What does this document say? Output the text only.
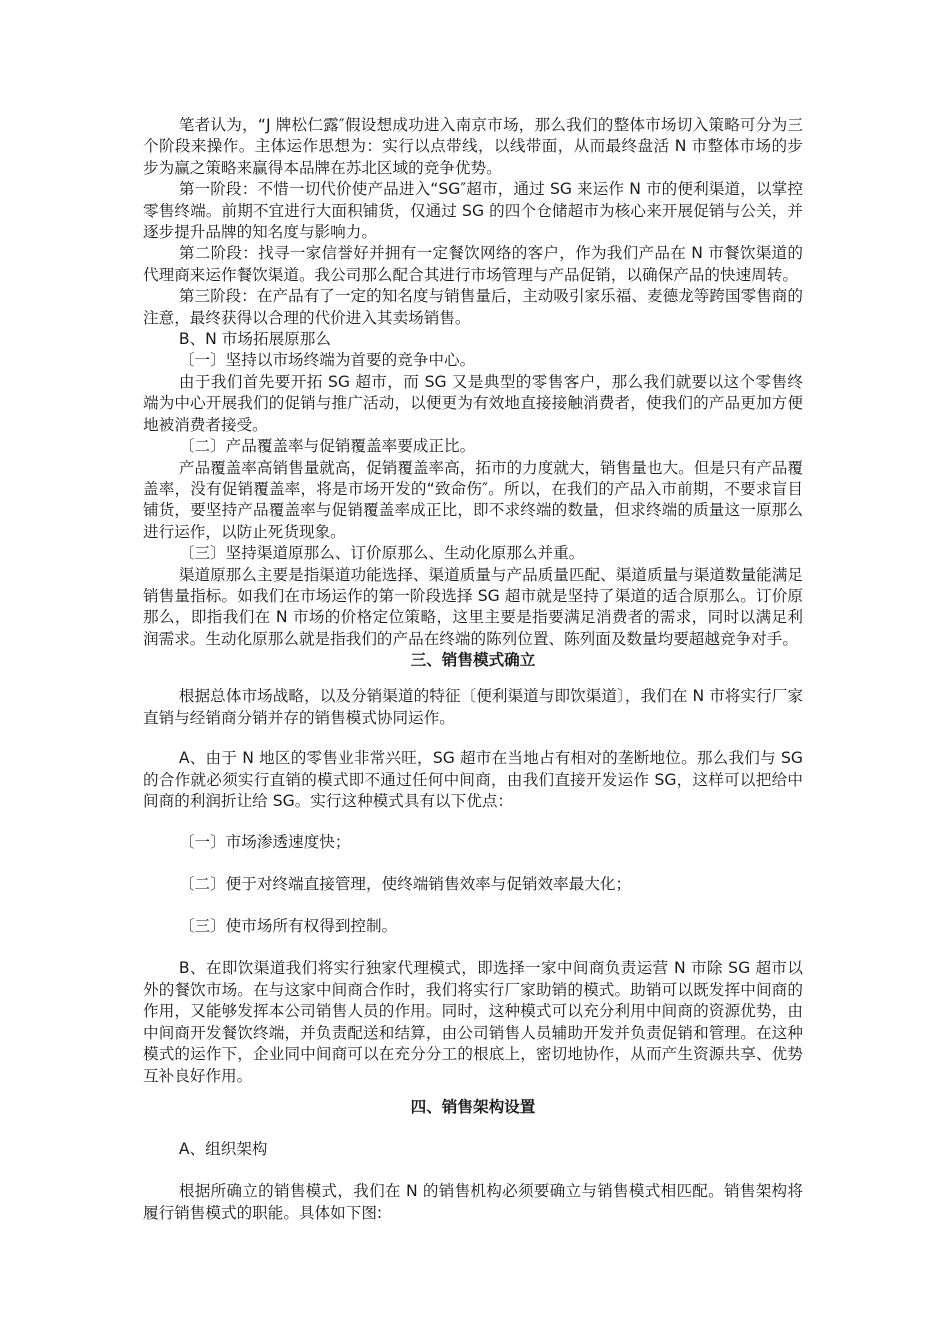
笔者认为，“J 牌松仁露″假设想成功进入南京市场，那么我们的整体市场切入策略可分为三个阶段来操作。主体运作思想为：实行以点带线，以线带面，从而最终盘活 N 市整体市场的步步为赢之策略来赢得本品牌在苏北区域的竞争优势。

第一阶段：不惜一切代价使产品进入“SG″超市，通过 SG 来运作 N 市的便利渠道，以掌控零售终端。前期不宜进行大面积铺货，仅通过 SG 的四个仓储超市为核心来开展促销与公关，并逐步提升品牌的知名度与影响力。

第二阶段：找寻一家信誉好并拥有一定餐饮网络的客户，作为我们产品在 N 市餐饮渠道的代理商来运作餐饮渠道。我公司那么配合其进行市场管理与产品促销，以确保产品的快速周转。

第三阶段：在产品有了一定的知名度与销售量后，主动吸引家乐福、麦德龙等跨国零售商的注意，最终获得以合理的代价进入其卖场销售。

B、N 市场拓展原那么

〔一〕坚持以市场终端为首要的竞争中心。

由于我们首先要开拓 SG 超市，而 SG 又是典型的零售客户，那么我们就要以这个零售终端为中心开展我们的促销与推广活动，以便更为有效地直接接触消费者，使我们的产品更加方便地被消费者接受。

〔二〕产品覆盖率与促销覆盖率要成正比。

产品覆盖率高销售量就高，促销覆盖率高，拓市的力度就大，销售量也大。但是只有产品覆盖率，没有促销覆盖率，将是市场开发的“致命伤″。所以，在我们的产品入市前期，不要求盲目铺货，要坚持产品覆盖率与促销覆盖率成正比，即不求终端的数量，但求终端的质量这一原那么进行运作，以防止死货现象。

〔三〕坚持渠道原那么、订价原那么、生动化原那么并重。

渠道原那么主要是指渠道功能选择、渠道质量与产品质量匹配、渠道质量与渠道数量能满足销售量指标。如我们在市场运作的第一阶段选择 SG 超市就是坚持了渠道的适合原那么。订价原那么，即指我们在 N 市场的价格定位策略，这里主要是指要满足消费者的需求，同时以满足利润需求。生动化原那么就是指我们的产品在终端的陈列位置、陈列面及数量均要超越竞争对手。

三、销售模式确立

根据总体市场战略，以及分销渠道的特征〔便利渠道与即饮渠道〕，我们在 N 市将实行厂家直销与经销商分销并存的销售模式协同运作。

A、由于 N 地区的零售业非常兴旺，SG 超市在当地占有相对的垄断地位。那么我们与 SG 的合作就必须实行直销的模式即不通过任何中间商，由我们直接开发运作 SG，这样可以把给中间商的利润折让给 SG。实行这种模式具有以下优点：

〔一〕市场渗透速度快；

〔二〕便于对终端直接管理，使终端销售效率与促销效率最大化；

〔三〕使市场所有权得到控制。

B、在即饮渠道我们将实行独家代理模式，即选择一家中间商负责运营 N 市除 SG 超市以外的餐饮市场。在与这家中间商合作时，我们将实行厂家助销的模式。助销可以既发挥中间商的作用，又能够发挥本公司销售人员的作用。同时，这种模式可以充分利用中间商的资源优势，由中间商开发餐饮终端，并负责配送和结算，由公司销售人员辅助开发并负责促销和管理。在这种模式的运作下，企业同中间商可以在充分分工的根底上，密切地协作，从而产生资源共享、优势互补良好作用。

四、销售架构设置

A、组织架构

根据所确立的销售模式，我们在 N 的销售机构必须要确立与销售模式相匹配。销售架构将履行销售模式的职能。具体如下图:
